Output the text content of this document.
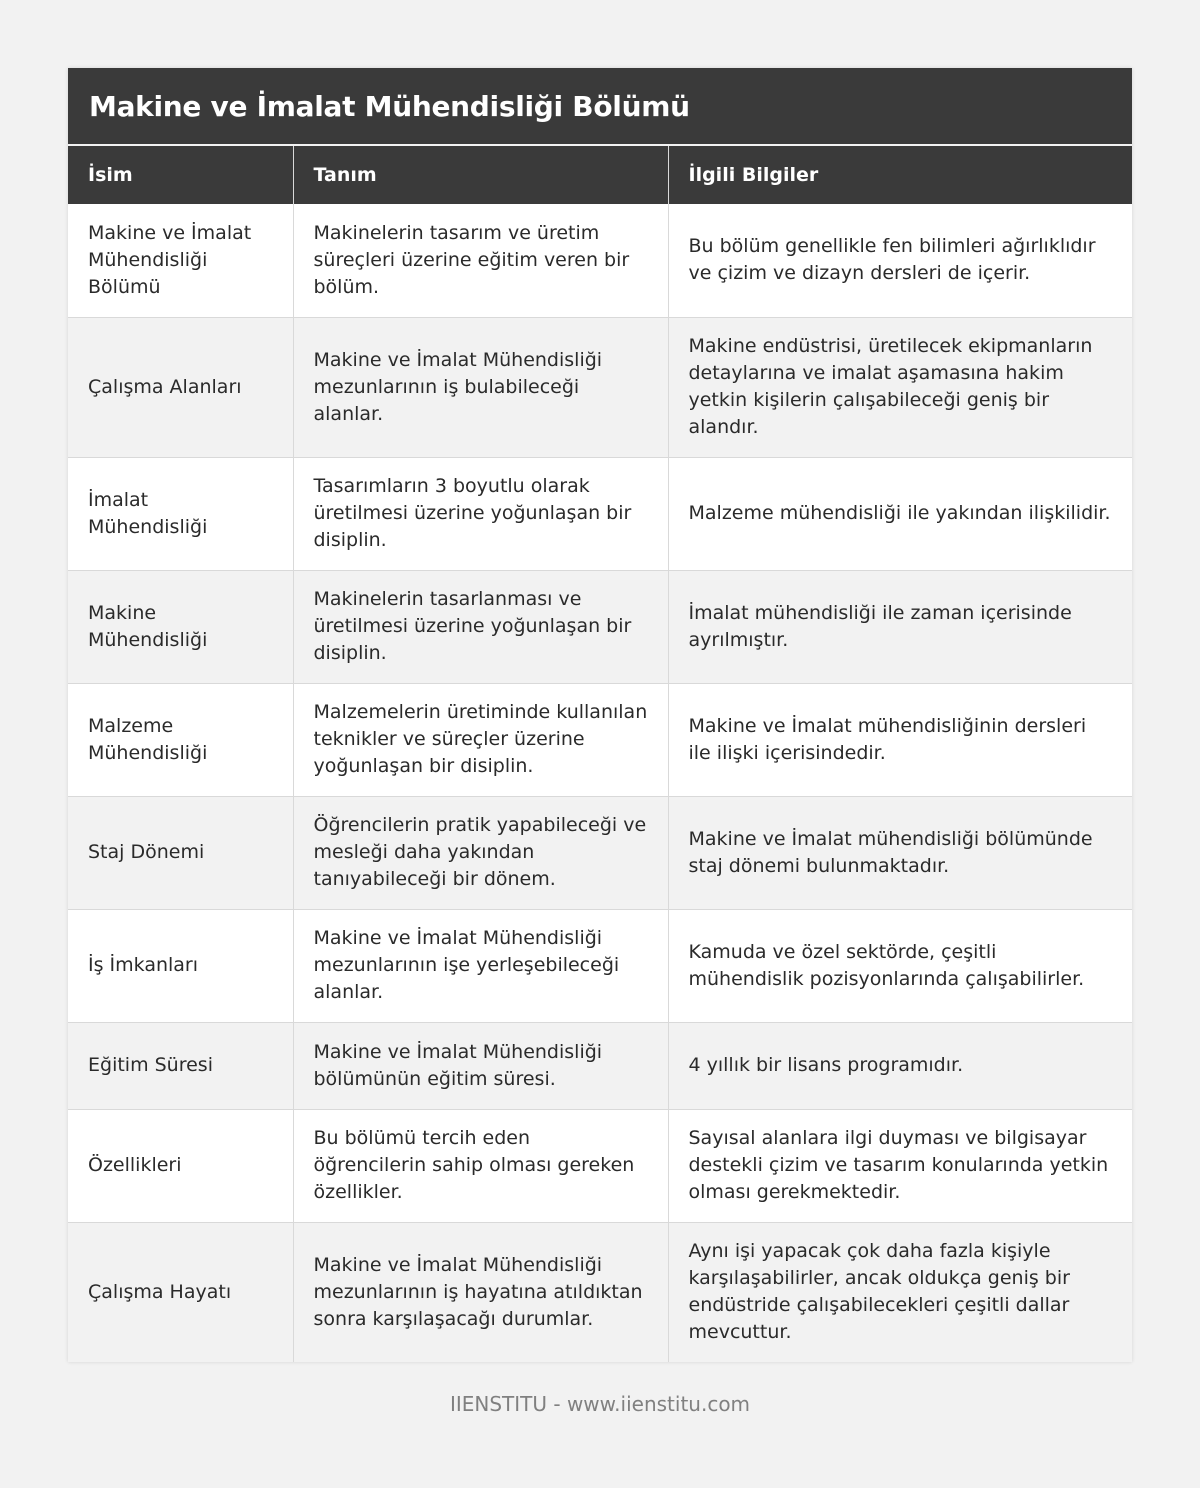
Makine ve İmalat Mühendisliği Bölümü
İsim	Tanım	İlgili Bilgiler
Makine ve İmalat Mühendisliği Bölümü	Makinelerin tasarım ve üretim süreçleri üzerine eğitim veren bir bölüm.	Bu bölüm genellikle fen bilimleri ağırlıklıdır ve çizim ve dizayn dersleri de içerir.
Çalışma Alanları	Makine ve İmalat Mühendisliği mezunlarının iş bulabileceği alanlar.	Makine endüstrisi, üretilecek ekipmanların detaylarına ve imalat aşamasına hakim yetkin kişilerin çalışabileceği geniş bir alandır.
İmalat Mühendisliği	Tasarımların 3 boyutlu olarak üretilmesi üzerine yoğunlaşan bir disiplin.	Malzeme mühendisliği ile yakından ilişkilidir.
Makine Mühendisliği	Makinelerin tasarlanması ve üretilmesi üzerine yoğunlaşan bir disiplin.	İmalat mühendisliği ile zaman içerisinde ayrılmıştır.
Malzeme Mühendisliği	Malzemelerin üretiminde kullanılan teknikler ve süreçler üzerine yoğunlaşan bir disiplin.	Makine ve İmalat mühendisliğinin dersleri ile ilişki içerisindedir.
Staj Dönemi	Öğrencilerin pratik yapabileceği ve mesleği daha yakından tanıyabileceği bir dönem.	Makine ve İmalat mühendisliği bölümünde staj dönemi bulunmaktadır.
İş İmkanları	Makine ve İmalat Mühendisliği mezunlarının işe yerleşebileceği alanlar.	Kamuda ve özel sektörde, çeşitli mühendislik pozisyonlarında çalışabilirler.
Eğitim Süresi	Makine ve İmalat Mühendisliği bölümünün eğitim süresi.	4 yıllık bir lisans programıdır.
Özellikleri	Bu bölümü tercih eden öğrencilerin sahip olması gereken özellikler.	Sayısal alanlara ilgi duyması ve bilgisayar destekli çizim ve tasarım konularında yetkin olması gerekmektedir.
Çalışma Hayatı	Makine ve İmalat Mühendisliği mezunlarının iş hayatına atıldıktan sonra karşılaşacağı durumlar.	Aynı işi yapacak çok daha fazla kişiyle karşılaşabilirler, ancak oldukça geniş bir endüstride çalışabilecekleri çeşitli dallar mevcuttur.
IIENSTITU - www.iienstitu.com
